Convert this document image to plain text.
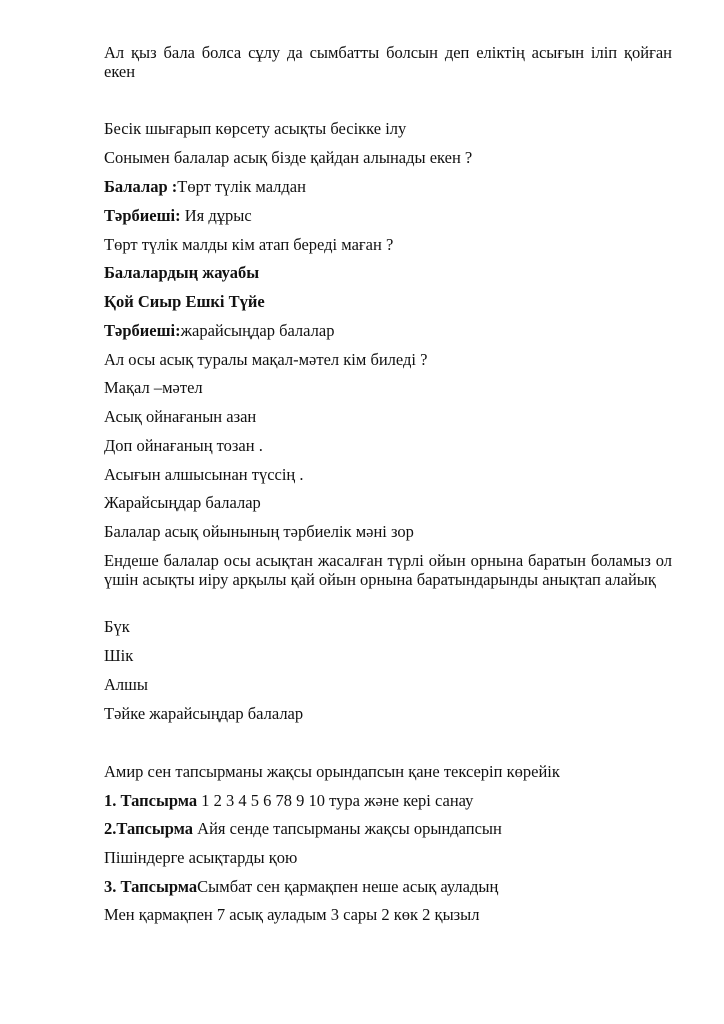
Ал қыз бала болса сұлу да сымбатты болсын деп еліктің асығын іліп қойған екен
Бесік шығарып көрсету асықты бесікке ілу
Сонымен балалар асық бізде қайдан алынады екен ?
Балалар :Төрт түлік малдан
Тәрбиеші: Ия дұрыс
Төрт түлік малды кім атап береді маған ?
Балалардың жауабы
Қой Сиыр Ешкі Түйе
Тәрбиеші:жарайсыңдар балалар
Ал осы асық туралы мақал-мәтел кім биледі ?
Мақал –мәтел
Асық ойнағанын азан
Доп ойнағаның тозан .
Асығын алшысынан түссің .
Жарайсыңдар балалар
Балалар асық ойынының тәрбиелік мәні зор
Ендеше балалар осы асықтан жасалған түрлі ойын орнына баратын боламыз ол үшін асықты иіру арқылы қай ойын орнына баратындарынды анықтап алайық
Бүк
Шік
Алшы
Тәйке жарайсыңдар балалар
Амир сен тапсырманы жақсы орындапсын қане тексеріп көрейік
1. Тапсырма 1 2 3 4 5 6 78 9 10 тура және кері санау
2.Тапсырма Айя сенде тапсырманы жақсы орындапсын
Пішіндерге асықтарды қою
3. ТапсырмаСымбат сен қармақпен неше асық ауладың
Мен қармақпен 7 асық ауладым 3 сары 2 көк 2 қызыл
